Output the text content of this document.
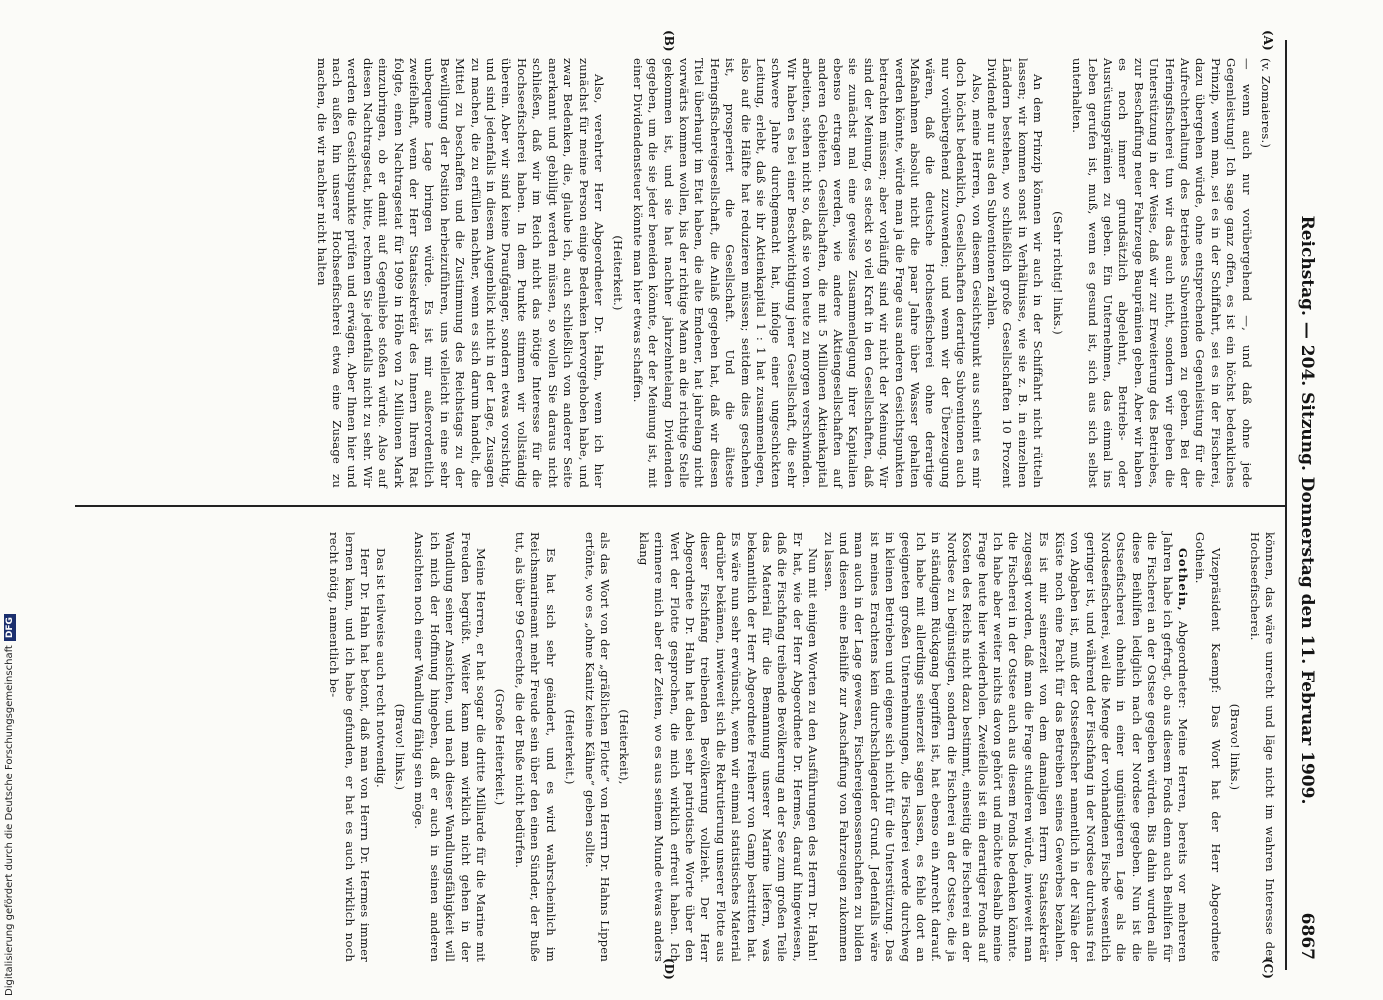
6867
Reichstag. — 204. Sitzung. Donnerstag den 11. Februar 1909.
(A)
(B)
(C)
(D)

(v. Zomaieres.)

— wenn auch nur vorübergehend —, und daß ohne jede Gegenleistung! Ich sage ganz offen, es ist ein höchst bedenkliches Prinzip, wenn man, sei es in der Schiffahrt, sei es in der Fischerei, dazu übergehen würde, ohne entsprechende Gegenleistung für die Aufrechterhaltung des Betriebes Subventionen zu geben. Bei der Heringsfischerei tun wir das auch nicht, sondern wir geben die Unterstützung in der Weise, daß wir zur Erweiterung des Betriebes, zur Beschaffung neuer Fahrzeuge Bauprämien geben. Aber wir haben es noch immer grundsätzlich abgelehnt, Betriebs- oder Ausrüstungsprämien zu geben. Ein Unternehmen, das einmal ins Leben gerufen ist, muß, wenn es gesund ist, sich aus sich selbst unterhalten.

(Sehr richtig! links.)

An dem Prinzip können wir auch in der Schiffahrt nicht rütteln lassen; wir kommen sonst in Verhältnisse, wie sie z. B. in einzelnen Ländern bestehen, wo schließlich große Gesellschaften 10 Prozent Dividende nur aus den Subventionen zahlen.

Also, meine Herren, von diesem Gesichtspunkt aus scheint es mir doch höchst bedenklich, Gesellschaften derartige Subventionen auch nur vorübergehend zuzuwenden; und wenn wir der Überzeugung wären, daß die deutsche Hochseefischerei ohne derartige Maßnahmen absolut nicht die paar Jahre über Wasser gehalten werden könnte, würde man ja die Frage aus anderen Gesichtspunkten betrachten müssen; aber vorläufig sind wir nicht der Meinung. Wir sind der Meinung, es steckt so viel Kraft in den Gesellschaften, daß sie zunächst mal eine gewisse Zusammenlegung ihrer Kapitalien ebenso ertragen werden, wie andere Aktiengesellschaften auf anderen Gebieten. Gesellschaften, die mit 5 Millionen Aktienkapital arbeiten, stehen nicht so, daß sie von heute zu morgen verschwinden. Wir haben es bei einer Beschwichtigung jener Gesellschaft, die sehr schwere Jahre durchgemacht hat, infolge einer ungeschickten Leitung, erlebt, daß sie ihr Aktienkapital 1 : 1 hat zusammenlegen, also auf die Hälfte hat reduzieren müssen; seitdem dies geschehen ist, prosperiert die Gesellschaft. Und die älteste Heringsfischereigesellschaft, die Anlaß gegeben hat, daß wir diesen Titel überhaupt im Etat haben, die alte Emdener, hat jahrelang nicht vorwärts kommen wollen, bis der richtige Mann an die richtige Stelle gekommen ist, und sie hat nachher jahrzehntelang Dividenden gegeben, um die sie jeder beneiden könnte, der der Meinung ist, mit einer Dividendensteuer könnte man hier etwas schaffen.

(Heiterkeit.)

Also, verehrter Herr Abgeordneter Dr. Hahn, wenn ich hier zunächst für meine Person einige Bedenken hervorgehoben habe, und zwar Bedenken, die, glaube ich, auch schließlich von anderer Seite anerkannt und gebilligt werden müssen, so wollen Sie daraus nicht schließen, daß wir im Reich nicht das nötige Interesse für die Hochseefischerei haben. In dem Punkte stimmen wir vollständig überein. Aber wir sind keine Draufgänger, sondern etwas vorsichtig, und sind jedenfalls in diesem Augenblick nicht in der Lage, Zusagen zu machen, die zu erfüllen nachher, wenn es sich darum handelt, die Mittel zu beschaffen und die Zustimmung des Reichstags zu der Bewilligung der Position herbeizuführen, uns vielleicht in eine sehr unbequeme Lage bringen würde. Es ist mir außerordentlich zweifelhaft, wenn der Herr Staatssekretär des Innern Ihrem Rat folgte, einen Nachtragsetat für 1909 in Höhe von 2 Millionen Mark einzubringen, ob er damit auf Gegenliebe stoßen würde. Also auf diesen Nachtragsetat, bitte, rechnen Sie jedenfalls nicht zu sehr. Wir werden die Gesichtspunkte prüfen und erwägen. Aber Ihnen hier und nach außen hin unserer Hochseefischerei etwa eine Zusage zu machen, die wir nachher nicht halten

können, das wäre unrecht und läge nicht im wahren Interesse der Hochseefischerei.

(Bravo! links.)

Vizepräsident Kaempf: Das Wort hat der Herr Abgeordnete Gothein.

Gothein, Abgeordneter: Meine Herren, bereits vor mehreren Jahren habe ich gefragt, ob aus diesem Fonds denn auch Beihilfen für die Fischerei an der Ostsee gegeben würden. Bis dahin wurden alle diese Beihilfen lediglich nach der Nordsee gegeben. Nun ist die Ostseefischerei ohnehin in einer ungünstigeren Lage als die Nordseefischerei, weil die Menge der vorhandenen Fische wesentlich geringer ist, und während der Fischfang in der Nordsee durchaus frei von Abgaben ist, muß der Ostseefischer namentlich in der Nähe der Küste noch eine Pacht für das Betreiben seines Gewerbes bezahlen. Es ist mir seinerzeit von dem damaligen Herrn Staatssekretär zugesagt worden, daß man die Frage studieren würde, inwieweit man die Fischerei in der Ostsee auch aus diesem Fonds bedenken könnte. Ich habe aber weiter nichts davon gehört und möchte deshalb meine Frage heute hier wiederholen. Zweifellos ist ein derartiger Fonds auf Kosten des Reichs nicht dazu bestimmt, einseitig die Fischerei an der Nordsee zu begünstigen, sondern die Fischerei an der Ostsee, die ja in ständigem Rückgang begriffen ist, hat ebenso ein Anrecht darauf. Ich habe mit allerdings seinerzeit sagen lassen, es fehle dort an geeigneten großen Unternehmungen, die Fischerei werde durchweg in kleinen Betrieben und eigene sich nicht für die Unterstützung. Das ist meines Erachtens kein durchschlagender Grund. Jedenfalls wäre man auch in der Lage gewesen, Fischereigenossenschaften zu bilden und diesen eine Beihilfe zur Anschaffung von Fahrzeugen zukommen zu lassen.

Nun mit einigen Worten zu den Ausführungen des Herrn Dr. Hahn! Er hat, wie der Herr Abgeordnete Dr. Hermes, darauf hingewiesen, daß die Fischfang treibende Bevölkerung an der See zum großen Teile das Material für die Bemannung unserer Marine liefern, was bekanntlich der Herr Abgeordnete Freiherr von Gamp bestritten hat. Es wäre nun sehr erwünscht, wenn wir einmal statistisches Material darüber bekämen, inwieweit sich die Rekrutierung unserer Flotte aus dieser Fischfang treibenden Bevölkerung vollzieht. Der Herr Abgeordnete Dr. Hahn hat dabei sehr patriotische Worte über den Wert der Flotte gesprochen, die mich wirklich erfreut haben. Ich erinnere mich aber der Zeiten, wo es aus seinem Munde etwas anders klang

(Heiterkeit),

als das Wort von der „gräßlichen Flotte“ von Herrn Dr. Hahns Lippen ertönte, wo es „ohne Kanitz keine Kähne“ geben sollte.

(Heiterkeit.)

Es hat sich sehr geändert, und es wird wahrscheinlich im Reichsmarineamt mehr Freude sein über den einen Sünder, der Buße tut, als über 99 Gerechte, die der Buße nicht bedürfen.

(Große Heiterkeit.)

Meine Herren, er hat sogar die dritte Milliarde für die Marine mit Freuden begrüßt. Weiter kann man wirklich nicht gehen in der Wandlung seiner Ansichten, und nach dieser Wandlungsfähigkeit will ich mich der Hoffnung hingeben, daß er auch in seinen anderen Ansichten noch einer Wandlung fähig sein möge.

(Bravo! links.)

Das ist teilweise auch recht notwendig.

Herr Dr. Hahn hat betont, daß man von Herrn Dr. Hermes immer lernen kann, und ich habe gefunden, er hat es auch wirklich noch recht nötig, namentlich be-

Digitalisierung gefördert durch die Deutsche ForschungsgemeinschaftDFG
